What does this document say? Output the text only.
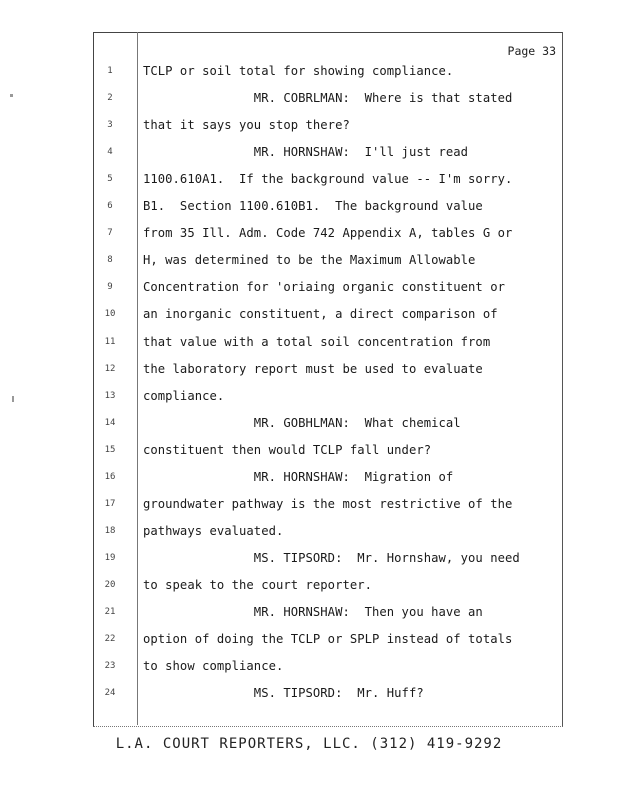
Page 33
1	TCLP or soil total for showing compliance.
2	MR. COBRLMAN:  Where is that stated
3	that it says you stop there?
4	MR. HORNSHAW:  I'll just read
5	1100.610A1.  If the background value -- I'm sorry.
6	B1.  Section 1100.610B1.  The background value
7	from 35 Ill. Adm. Code 742 Appendix A, tables G or
8	H, was determined to be the Maximum Allowable
9	Concentration for 'oriaing organic constituent or
10	an inorganic constituent, a direct comparison of
11	that value with a total soil concentration from
12	the laboratory report must be used to evaluate
13	compliance.
14	MR. GOBHLMAN:  What chemical
15	constituent then would TCLP fall under?
16	MR. HORNSHAW:  Migration of
17	groundwater pathway is the most restrictive of the
18	pathways evaluated.
19	MS. TIPSORD:  Mr. Hornshaw, you need
20	to speak to the court reporter.
21	MR. HORNSHAW:  Then you have an
22	option of doing the TCLP or SPLP instead of totals
23	to show compliance.
24	MS. TIPSORD:  Mr. Huff?
L.A. COURT REPORTERS, LLC. (312) 419-9292
